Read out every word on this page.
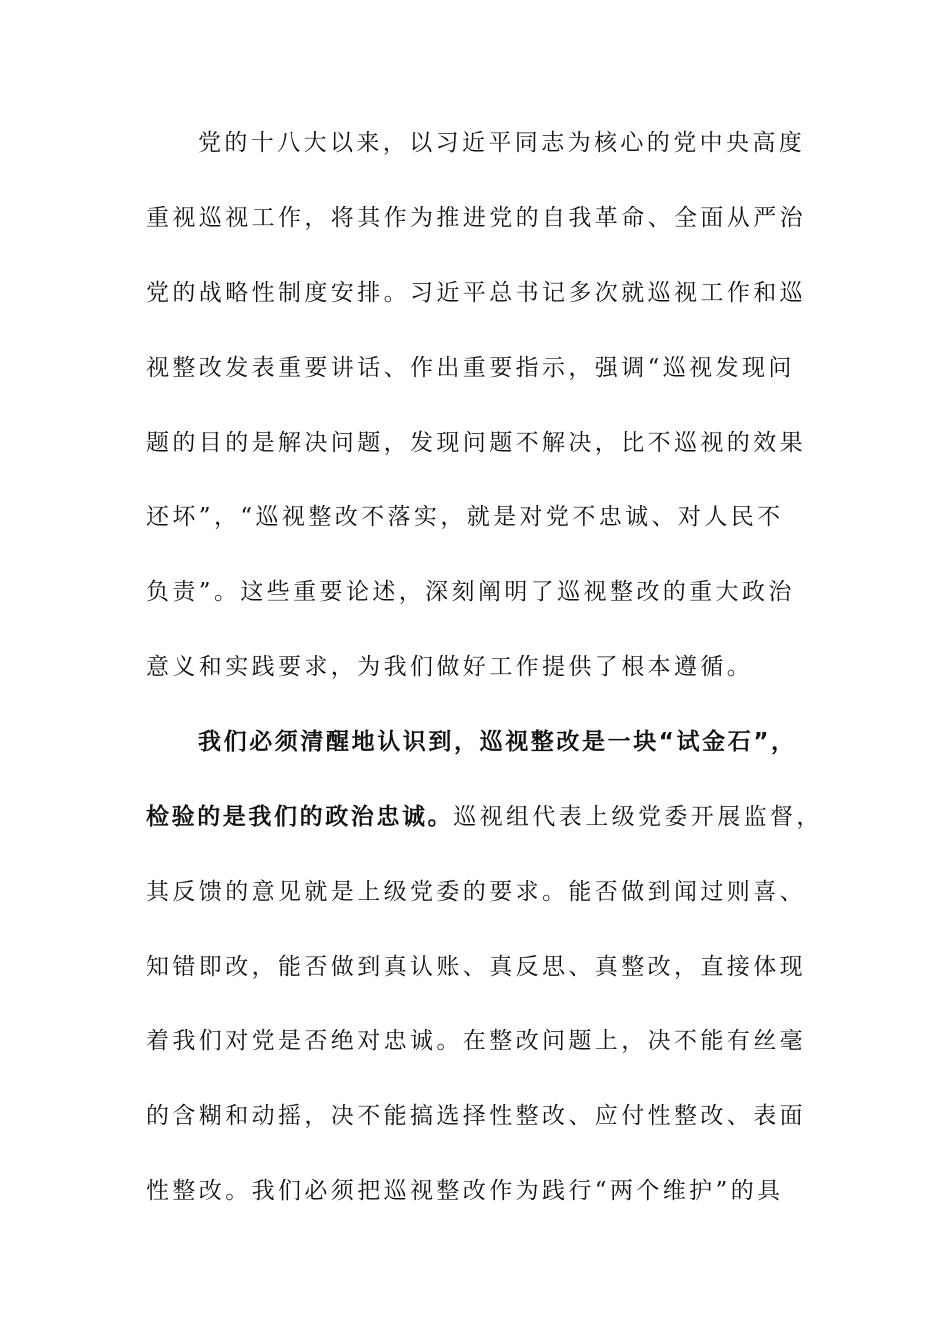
党的十八大以来，以习近平同志为核心的党中央高度
重视巡视工作，将其作为推进党的自我革命、全面从严治
党的战略性制度安排。习近平总书记多次就巡视工作和巡
视整改发表重要讲话、作出重要指示，强调“巡视发现问
题的目的是解决问题，发现问题不解决，比不巡视的效果
还坏”，“巡视整改不落实，就是对党不忠诚、对人民不
负责”。这些重要论述，深刻阐明了巡视整改的重大政治
意义和实践要求，为我们做好工作提供了根本遵循。
我们必须清醒地认识到，巡视整改是一块“试金石”，
检验的是我们的政治忠诚。巡视组代表上级党委开展监督，
其反馈的意见就是上级党委的要求。能否做到闻过则喜、
知错即改，能否做到真认账、真反思、真整改，直接体现
着我们对党是否绝对忠诚。在整改问题上，决不能有丝毫
的含糊和动摇，决不能搞选择性整改、应付性整改、表面
性整改。我们必须把巡视整改作为践行“两个维护”的具
